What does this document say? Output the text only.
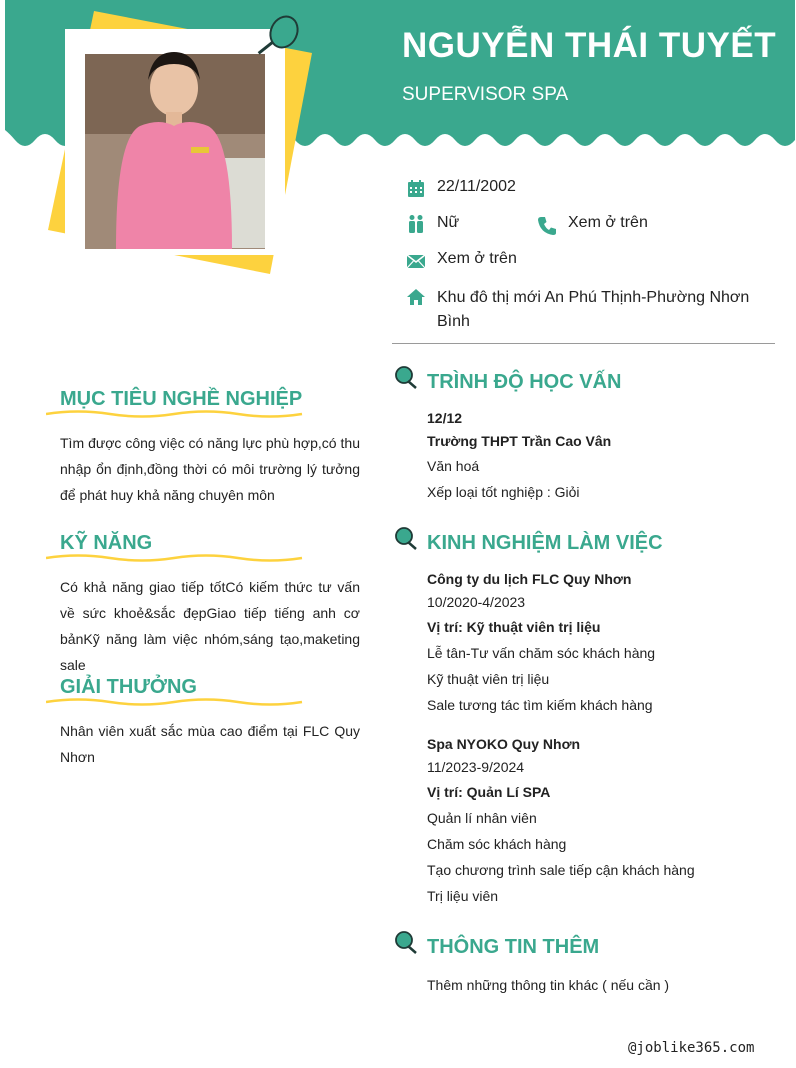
NGUYỄN THÁI TUYẾT
SUPERVISOR SPA
22/11/2002
Nữ	Xem ở trên
Xem ở trên
Khu đô thị mới An Phú Thịnh-Phường Nhơn Bình
MỤC TIÊU NGHỀ NGHIỆP
Tìm được công việc có năng lực phù hợp,có thu nhập ổn định,đồng thời có môi trường lý tưởng để phát huy khả năng chuyên môn
KỸ NĂNG
Có khả năng giao tiếp tốtCó kiếm thức tư vấn về sức khoẻ&sắc đẹpGiao tiếp tiếng anh cơ bảnKỹ năng làm việc nhóm,sáng tạo,maketing sale
GIẢI THƯỞNG
Nhân viên xuất sắc mùa cao điểm tại FLC Quy Nhơn
TRÌNH ĐỘ HỌC VẤN
12/12
Trường THPT Trần Cao Vân
Văn hoá
Xếp loại tốt nghiệp : Giỏi
KINH NGHIỆM LÀM VIỆC
Công ty du lịch FLC Quy Nhơn
10/2020-4/2023
Vị trí: Kỹ thuật viên trị liệu
Lễ tân-Tư vấn chăm sóc khách hàng
Kỹ thuật viên trị liệu
Sale tương tác tìm kiếm khách hàng
Spa NYOKO Quy Nhơn
11/2023-9/2024
Vị trí: Quản Lí SPA
Quản lí nhân viên
Chăm sóc khách hàng
Tạo chương trình sale tiếp cận khách hàng
Trị liệu viên
THÔNG TIN THÊM
Thêm những thông tin khác ( nếu cần )
@joblike365.com
